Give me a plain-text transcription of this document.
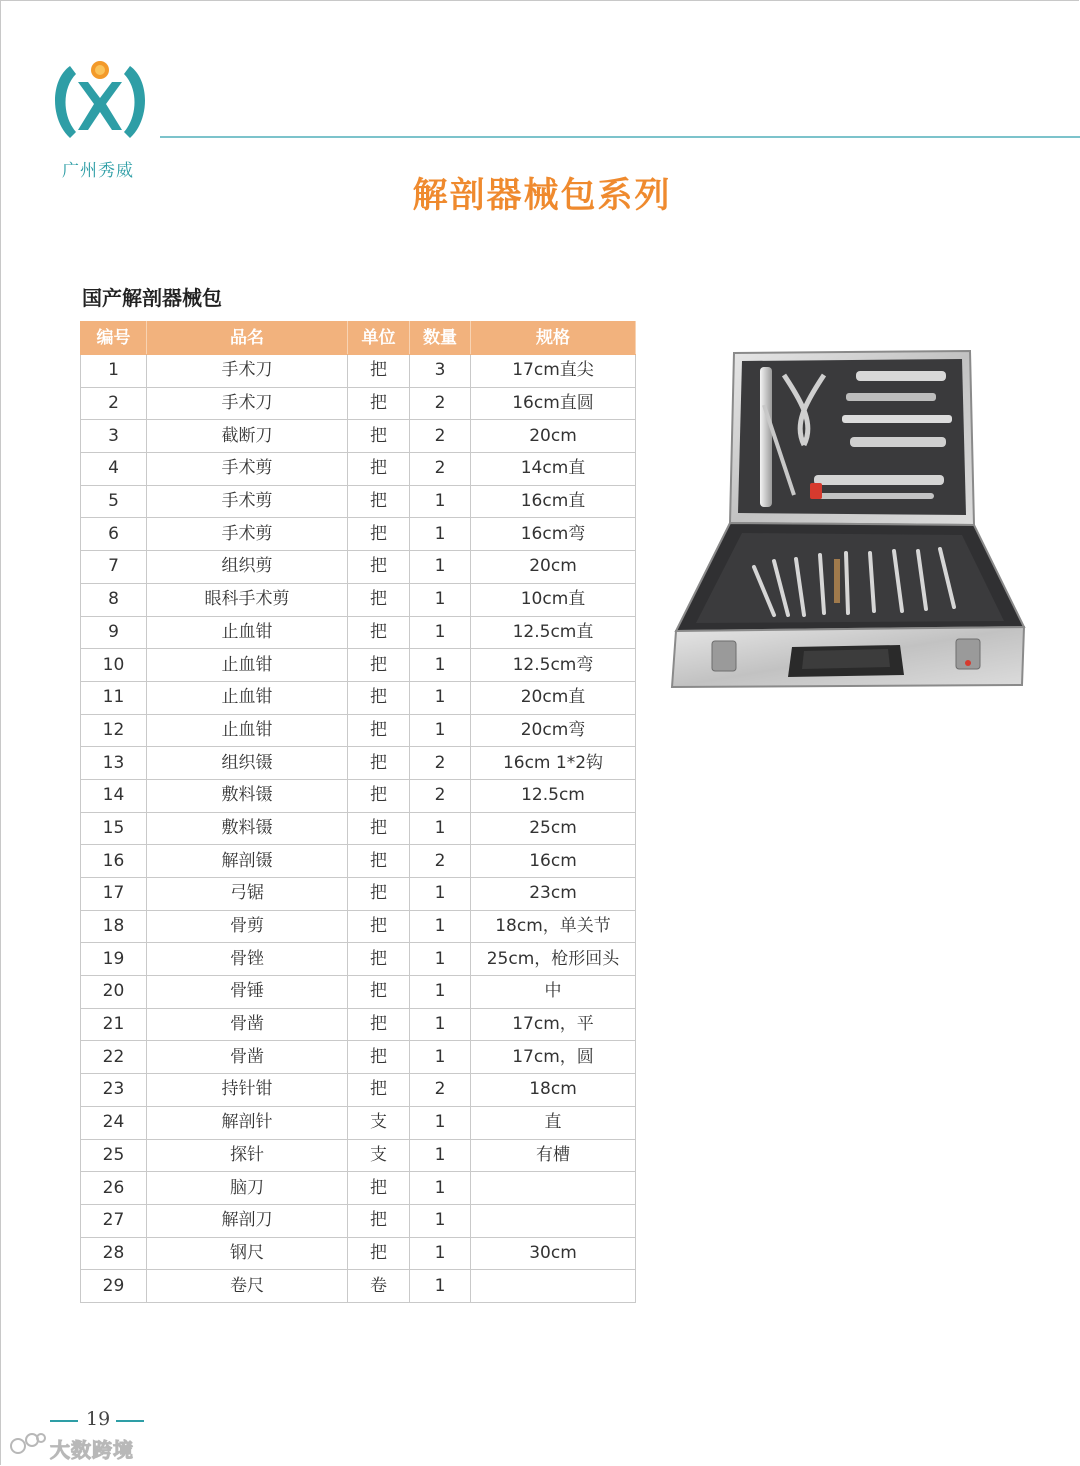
广州秀威
解剖器械包系列
国产解剖器械包
编号	品名	单位	数量	规格
1	手术刀	把	3	17cm直尖
2	手术刀	把	2	16cm直圆
3	截断刀	把	2	20cm
4	手术剪	把	2	14cm直
5	手术剪	把	1	16cm直
6	手术剪	把	1	16cm弯
7	组织剪	把	1	20cm
8	眼科手术剪	把	1	10cm直
9	止血钳	把	1	12.5cm直
10	止血钳	把	1	12.5cm弯
11	止血钳	把	1	20cm直
12	止血钳	把	1	20cm弯
13	组织镊	把	2	16cm 1*2钩
14	敷料镊	把	2	12.5cm
15	敷料镊	把	1	25cm
16	解剖镊	把	2	16cm
17	弓锯	把	1	23cm
18	骨剪	把	1	18cm，单关节
19	骨锉	把	1	25cm，枪形回头
20	骨锤	把	1	中
21	骨凿	把	1	17cm，平
22	骨凿	把	1	17cm，圆
23	持针钳	把	2	18cm
24	解剖针	支	1	直
25	探针	支	1	有槽
26	脑刀	把	1	
27	解剖刀	把	1	
28	钢尺	把	1	30cm
29	卷尺	卷	1	
19
大数跨境
